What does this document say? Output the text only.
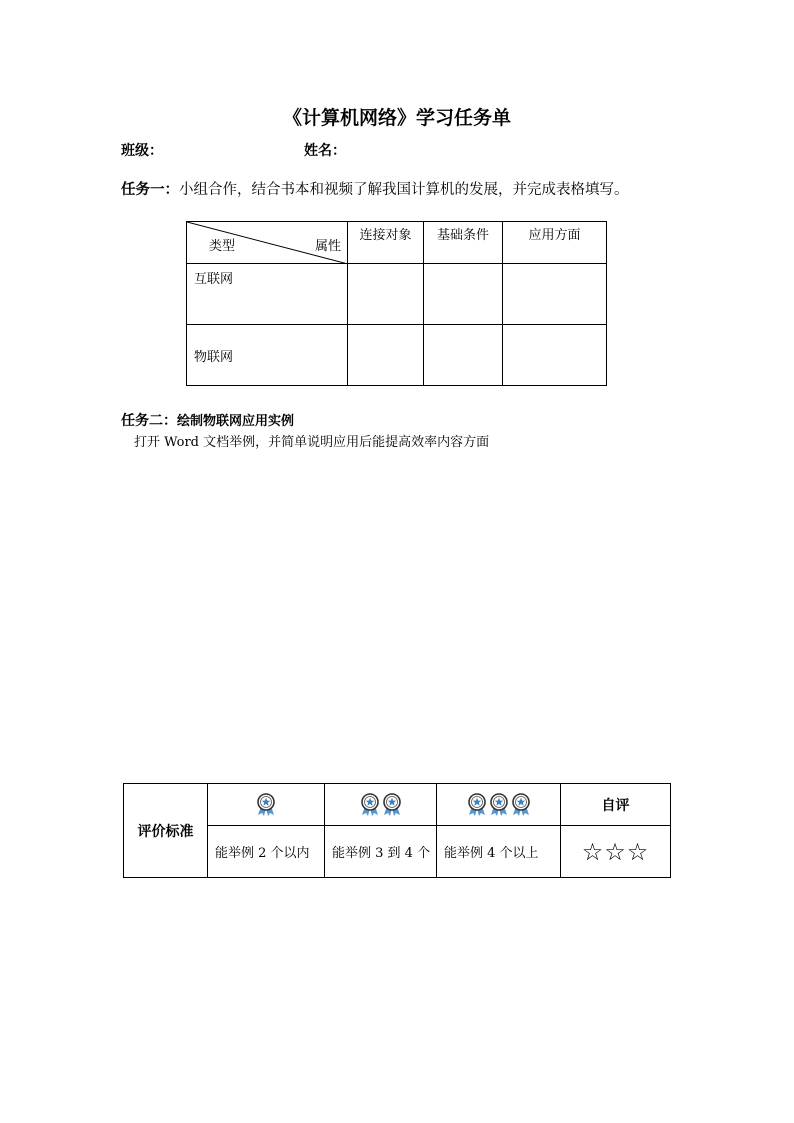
《计算机网络》学习任务单
班级：	姓名：
任务一：小组合作，结合书本和视频了解我国计算机的发展，并完成表格填写。
类型 属性	连接对象	基础条件	应用方面
互联网			
物联网			
任务二：绘制物联网应用实例
打开 Word 文档举例，并简单说明应用后能提高效率内容方面
评价标准				自评
	能举例 2 个以内	能举例 3 到 4 个	能举例 4 个以上	☆☆☆
